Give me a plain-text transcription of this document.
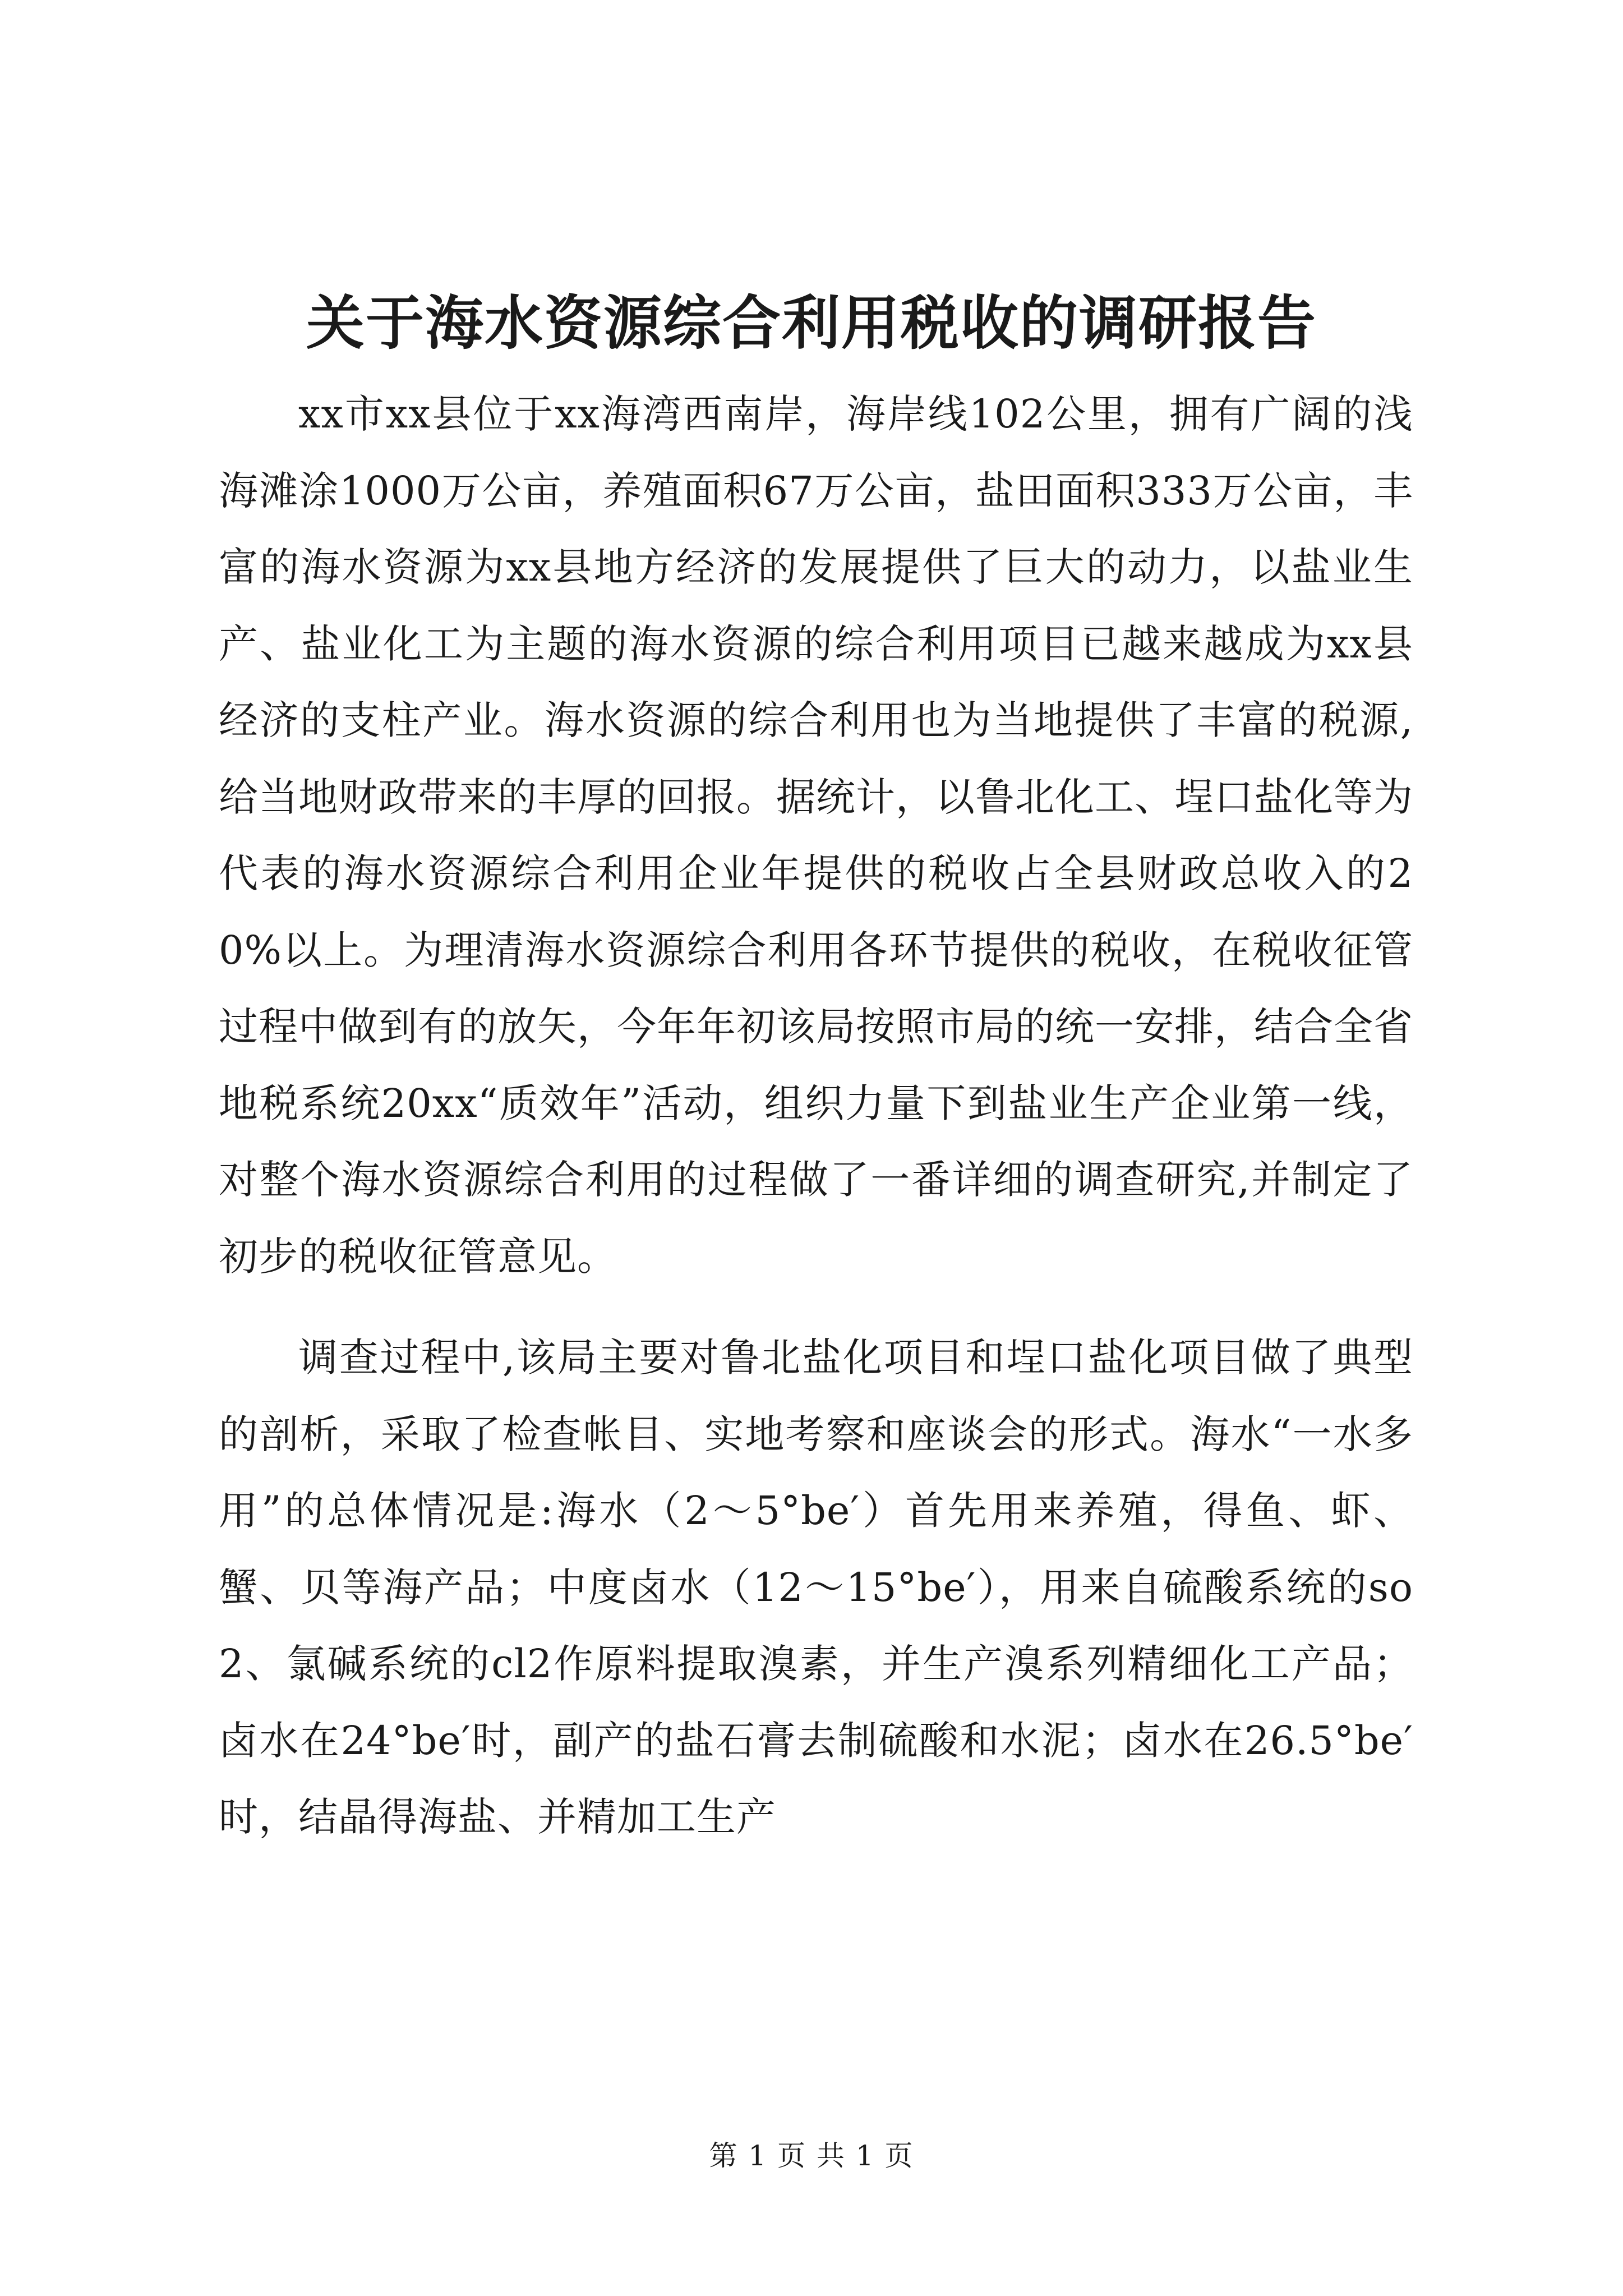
关于海水资源综合利用税收的调研报告

xx市xx县位于xx海湾西南岸，海岸线102公里，拥有广阔的浅海滩涂1000万公亩，养殖面积67万公亩，盐田面积333万公亩，丰富的海水资源为xx县地方经济的发展提供了巨大的动力，以盐业生产、盐业化工为主题的海水资源的综合利用项目已越来越成为xx县经济的支柱产业。海水资源的综合利用也为当地提供了丰富的税源,给当地财政带来的丰厚的回报。据统计，以鲁北化工、埕口盐化等为代表的海水资源综合利用企业年提供的税收占全县财政总收入的20%以上。为理清海水资源综合利用各环节提供的税收，在税收征管过程中做到有的放矢，今年年初该局按照市局的统一安排，结合全省地税系统20xx“质效年”活动，组织力量下到盐业生产企业第一线，对整个海水资源综合利用的过程做了一番详细的调查研究,并制定了初步的税收征管意见。

调查过程中,该局主要对鲁北盐化项目和埕口盐化项目做了典型的剖析，采取了检查帐目、实地考察和座谈会的形式。海水“一水多用”的总体情况是:海水（2～5°be′）首先用来养殖，得鱼、虾、蟹、贝等海产品；中度卤水（12～15°be′），用来自硫酸系统的so2、氯碱系统的cl2作原料提取溴素，并生产溴系列精细化工产品；卤水在24°be′时，副产的盐石膏去制硫酸和水泥；卤水在26.5°be′时，结晶得海盐、并精加工生产

第 1 页 共 1 页
